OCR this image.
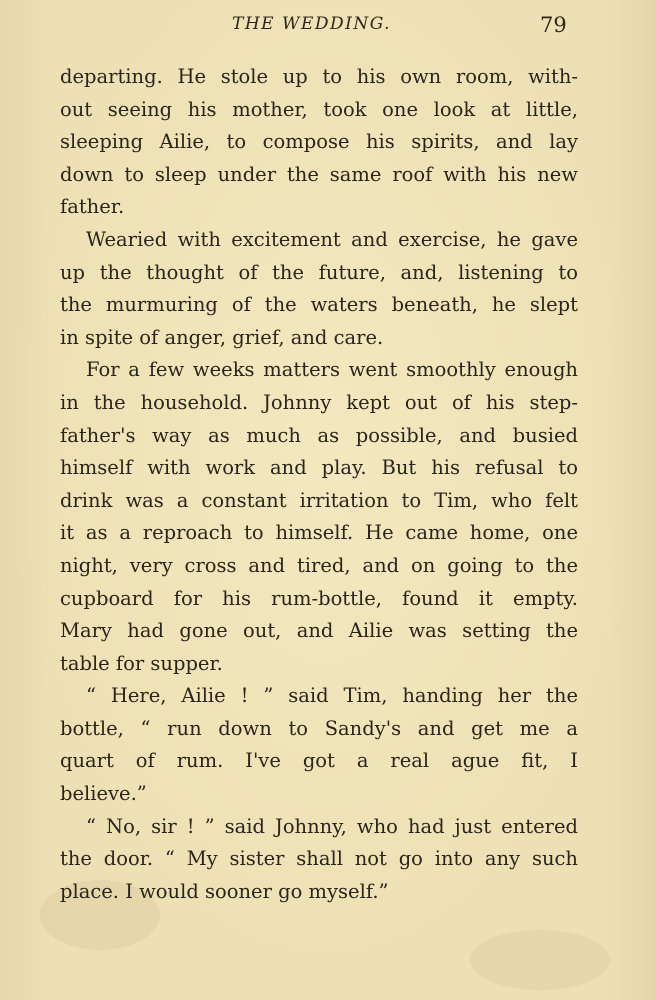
THE WEDDING.	79
departing. He stole up to his own room, with-
out seeing his mother, took one look at little,
sleeping Ailie, to compose his spirits, and lay
down to sleep under the same roof with his new
father.
Wearied with excitement and exercise, he gave
up the thought of the future, and, listening to
the murmuring of the waters beneath, he slept
in spite of anger, grief, and care.
For a few weeks matters went smoothly enough
in the household. Johnny kept out of his step-
father's way as much as possible, and busied
himself with work and play. But his refusal to
drink was a constant irritation to Tim, who felt
it as a reproach to himself. He came home, one
night, very cross and tired, and on going to the
cupboard for his rum-bottle, found it empty.
Mary had gone out, and Ailie was setting the
table for supper.
“ Here, Ailie ! ” said Tim, handing her the
bottle, “ run down to Sandy's and get me a
quart of rum. I've got a real ague fit, I
believe.”
“ No, sir ! ” said Johnny, who had just entered
the door. “ My sister shall not go into any such
place. I would sooner go myself.”
